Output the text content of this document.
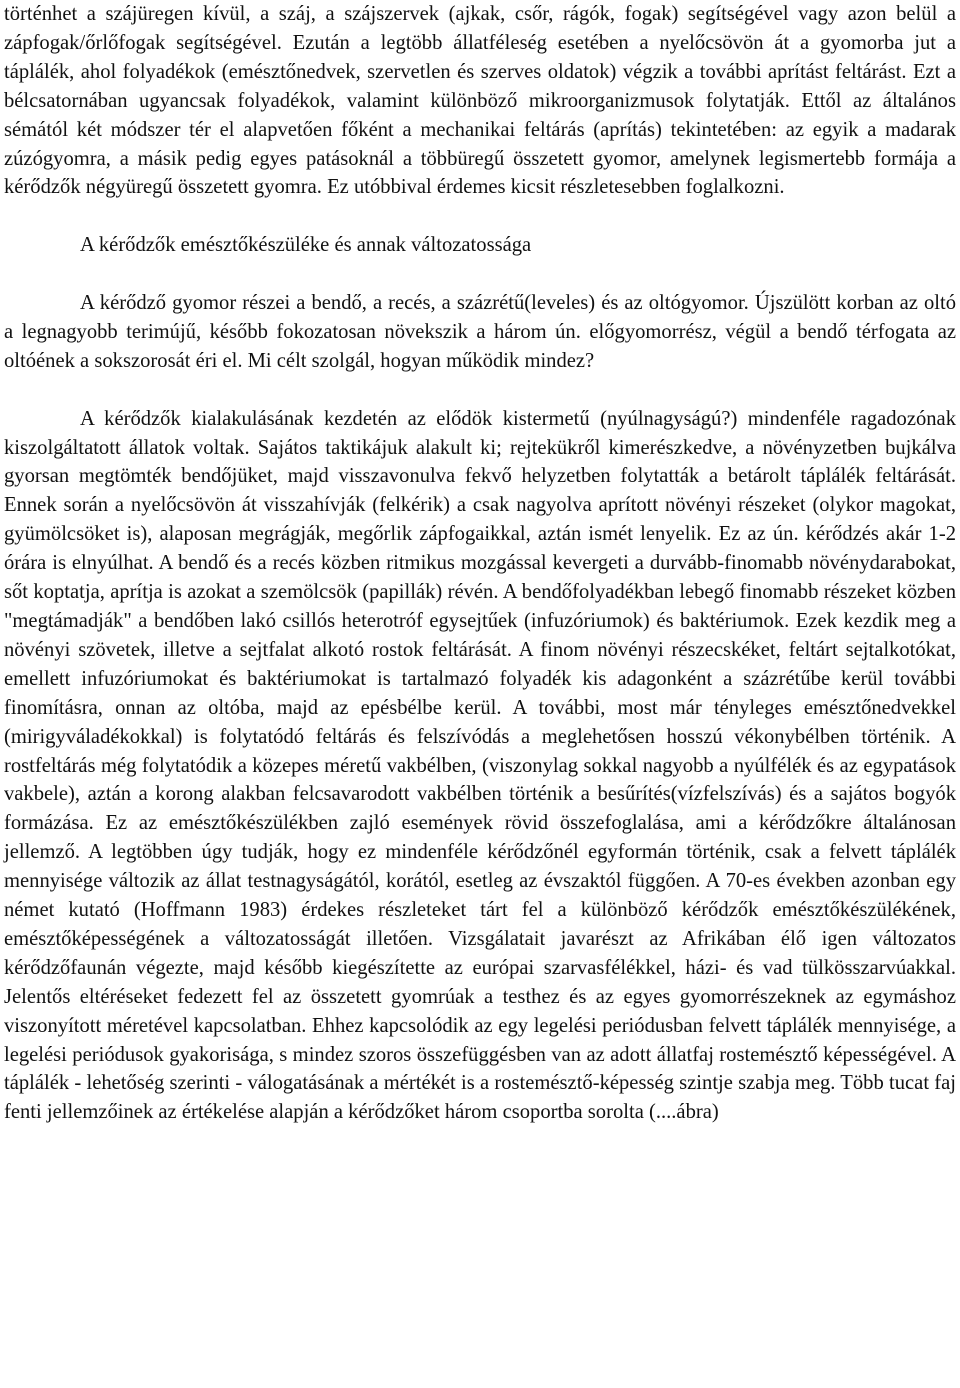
történhet a szájüregen kívül, a száj, a szájszervek (ajkak, csőr, rágók, fogak) segítségével vagy azon belül a zápfogak/őrlőfogak segítségével. Ezután a legtöbb állatféleség esetében a nyelőcsövön át a gyomorba jut a táplálék, ahol folyadékok (emésztőnedvek, szervetlen és szerves oldatok) végzik a további aprítást feltárást. Ezt a bélcsatornában ugyancsak folyadékok, valamint különböző mikroorganizmusok folytatják. Ettől az általános sémától két módszer tér el alapvetően főként a mechanikai feltárás (aprítás) tekintetében: az egyik a madarak zúzógyomra, a másik pedig egyes patásoknál a többüregű összetett gyomor, amelynek legismertebb formája a kérődzők négyüregű összetett gyomra. Ez utóbbival érdemes kicsit részletesebben foglalkozni.

A kérődzők emésztőkészüléke és annak változatossága

A kérődző gyomor részei a bendő, a recés, a százrétű(leveles) és az oltógyomor. Újszülött korban az oltó a legnagyobb terimújű, később fokozatosan növekszik a három ún. előgyomorrész, végül a bendő térfogata az oltóének a sokszorosát éri el. Mi célt szolgál, hogyan működik mindez?

A kérődzők kialakulásának kezdetén az elődök kistermetű (nyúlnagyságú?) mindenféle ragadozónak kiszolgáltatott állatok voltak. Sajátos taktikájuk alakult ki; rejtekükről kimerészkedve, a növényzetben bujkálva gyorsan megtömték bendőjüket, majd visszavonulva fekvő helyzetben folytatták a betárolt táplálék feltárását. Ennek során a nyelőcsövön át visszahívják (felkérik) a csak nagyolva aprított növényi részeket (olykor magokat, gyümölcsöket is), alaposan megrágják, megőrlik zápfogaikkal, aztán ismét lenyelik. Ez az ún. kérődzés akár 1-2 órára is elnyúlhat. A bendő és a recés közben ritmikus mozgással kevergeti a durvább-finomabb növénydarabokat, sőt koptatja, aprítja is azokat a szemölcsök (papillák) révén. A bendőfolyadékban lebegő finomabb részeket közben "megtámadják" a bendőben lakó csillós heterotróf egysejtűek (infuzóriumok) és baktériumok. Ezek kezdik meg a növényi szövetek, illetve a sejtfalat alkotó rostok feltárását. A finom növényi részecskéket, feltárt sejtalkotókat, emellett infuzóriumokat és baktériumokat is tartalmazó folyadék kis adagonként a százrétűbe kerül további finomításra, onnan az oltóba, majd az epésbélbe kerül. A további, most már tényleges emésztőnedvekkel (mirigyváladékokkal) is folytatódó feltárás és felszívódás a meglehetősen hosszú vékonybélben történik. A rostfeltárás még folytatódik a közepes méretű vakbélben, (viszonylag sokkal nagyobb a nyúlfélék és az egypatások vakbele), aztán a korong alakban felcsavarodott vakbélben történik a besűrítés(vízfelszívás) és a sajátos bogyók formázása. Ez az emésztőkészülékben zajló események rövid összefoglalása, ami a kérődzőkre általánosan jellemző. A legtöbben úgy tudják, hogy ez mindenféle kérődzőnél egyformán történik, csak a felvett táplálék mennyisége változik az állat testnagyságától, korától, esetleg az évszaktól függően. A 70-es években azonban egy német kutató (Hoffmann 1983) érdekes részleteket tárt fel a különböző kérődzők emésztőkészülékének, emésztőképességének a változatosságát illetően. Vizsgálatait javarészt az Afrikában élő igen változatos kérődzőfaunán végezte, majd később kiegészítette az európai szarvasfélékkel, házi- és vad tülkösszarvúakkal. Jelentős eltéréseket fedezett fel az összetett gyomrúak a testhez és az egyes gyomorrészeknek az egymáshoz viszonyított méretével kapcsolatban. Ehhez kapcsolódik az egy legelési periódusban felvett táplálék mennyisége, a legelési periódusok gyakorisága, s mindez szoros összefüggésben van az adott állatfaj rostemésztő képességével. A táplálék - lehetőség szerinti - válogatásának a mértékét is a rostemésztő-képesség szintje szabja meg. Több tucat faj fenti jellemzőinek az értékelése alapján a kérődzőket három csoportba sorolta (....ábra)
